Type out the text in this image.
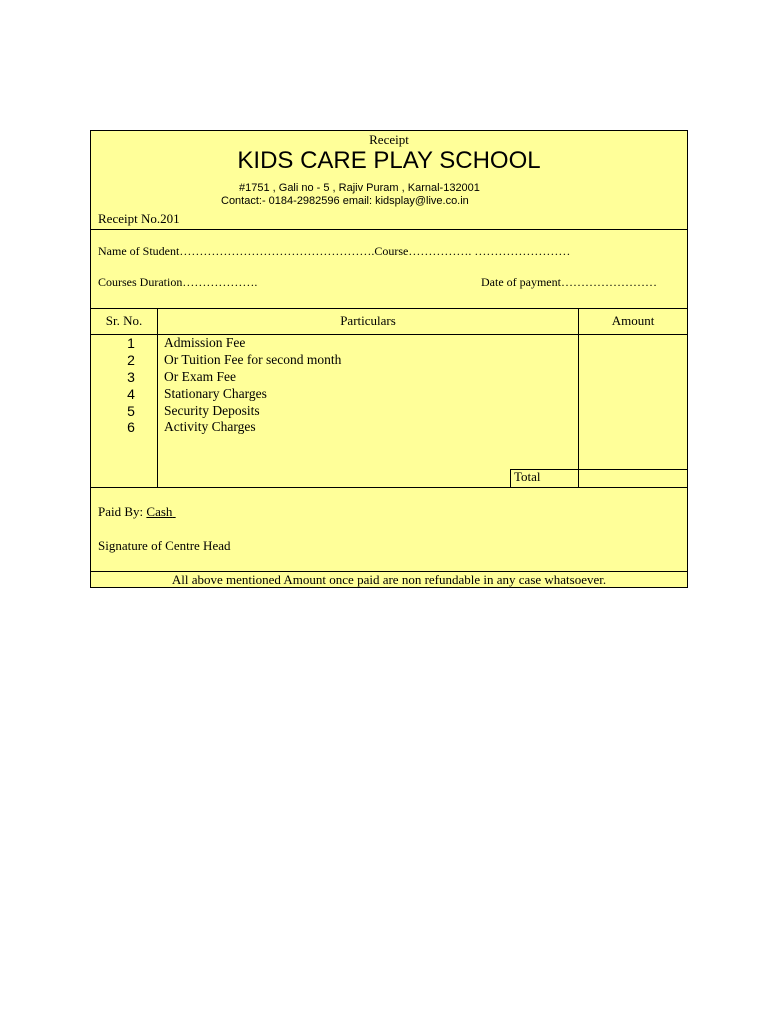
Receipt
KIDS CARE PLAY SCHOOL
#1751 , Gali no - 5 , Rajiv Puram , Karnal-132001
Contact:- 0184-2982596 email: kidsplay@live.co.in
Receipt No.201
Name of Student………………………………………….Course……………. ……………………
Courses Duration……………….	Date of payment……………………
Sr. No.	Particulars	Amount
1	Admission Fee
2	Or Tuition Fee for second month
3	Or Exam Fee
4	Stationary Charges
5	Security Deposits
6	Activity Charges
Total
Paid By: Cash
Signature of Centre Head
All above mentioned Amount once paid are non refundable in any case whatsoever.
